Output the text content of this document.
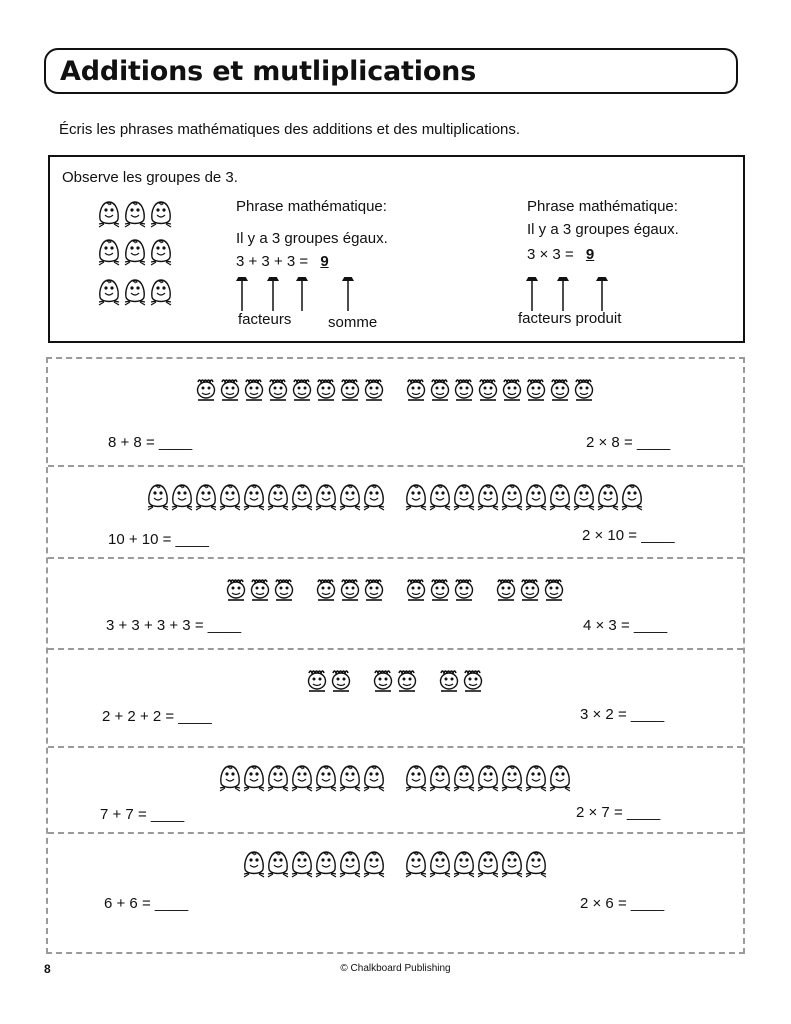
Additions et mutliplications
Écris les phrases mathématiques des additions et des multiplications.
Observe les groupes de 3.
Phrase mathématique:
Il y a 3 groupes égaux.
3 + 3 + 3 = 9
facteurs somme
Phrase mathématique:
Il y a 3 groupes égaux.
3 × 3 = 9
facteurs produit
8 + 8 = ____	2 × 8 = ____
10 + 10 = ____	2 × 10 = ____
3 + 3 + 3 + 3 = ____	4 × 3 = ____
2 + 2 + 2 = ____	3 × 2 = ____
7 + 7 = ____	2 × 7 = ____
6 + 6 = ____	2 × 6 = ____
8	© Chalkboard Publishing
